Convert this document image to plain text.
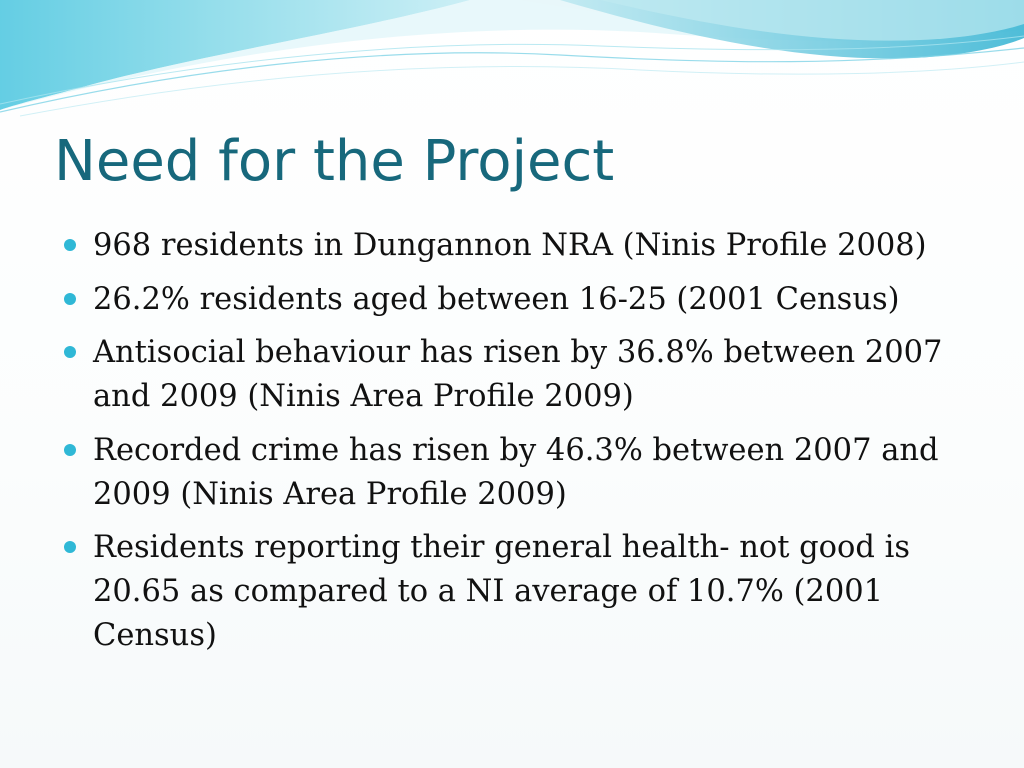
Need for the Project
968 residents in Dungannon NRA (Ninis Profile 2008)
26.2% residents aged between 16-25 (2001 Census)
Antisocial behaviour has risen by 36.8% between 2007 and 2009 (Ninis Area Profile 2009)
Recorded crime has risen by 46.3% between 2007 and 2009 (Ninis Area Profile 2009)
Residents reporting their general health- not good is 20.65 as compared to a NI average of 10.7% (2001 Census)
